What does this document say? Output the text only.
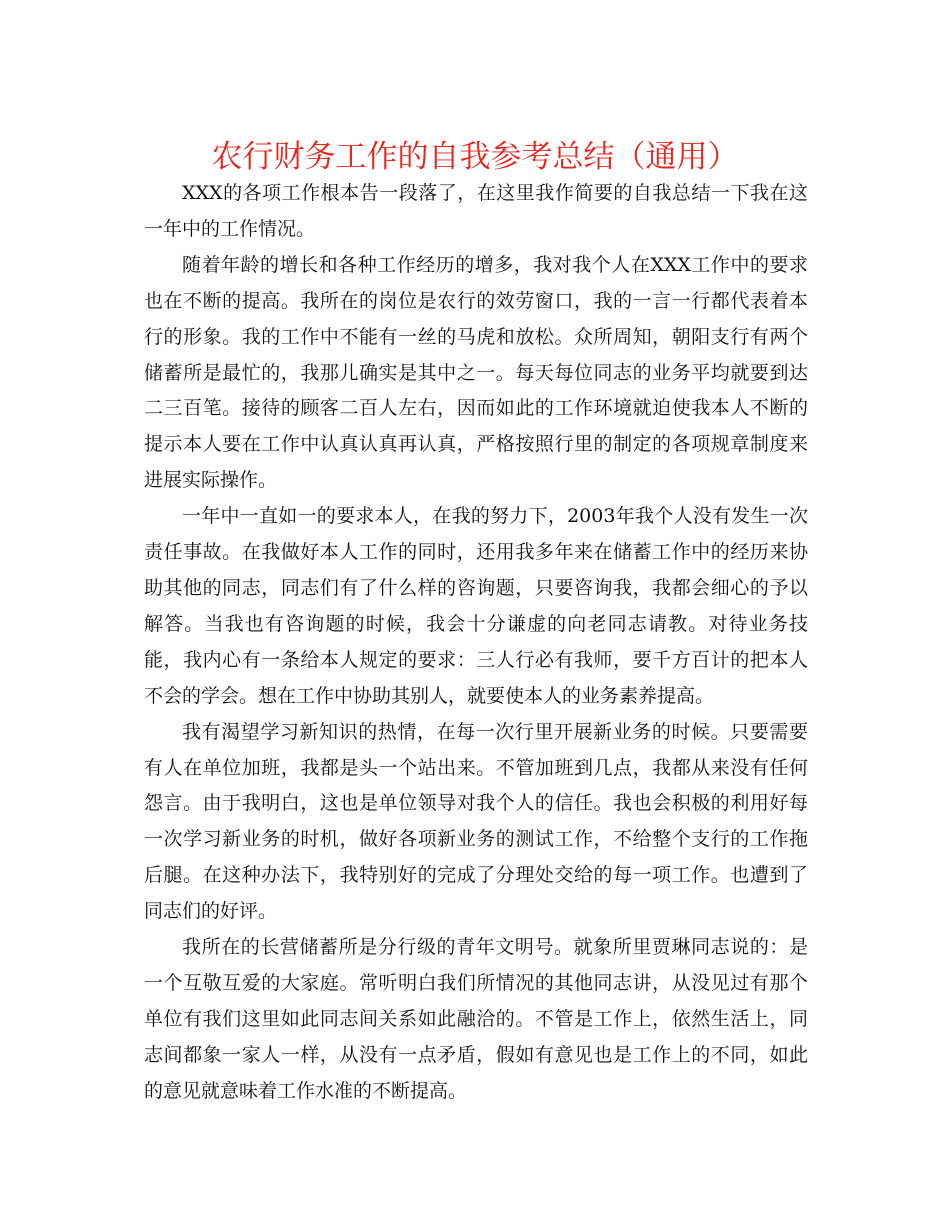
农行财务工作的自我参考总结（通用）

XXX的各项工作根本告一段落了，在这里我作简要的自我总结一下我在这一年中的工作情况。

随着年龄的增长和各种工作经历的增多，我对我个人在XXX工作中的要求也在不断的提高。我所在的岗位是农行的效劳窗口，我的一言一行都代表着本行的形象。我的工作中不能有一丝的马虎和放松。众所周知，朝阳支行有两个储蓄所是最忙的，我那儿确实是其中之一。每天每位同志的业务平均就要到达二三百笔。接待的顾客二百人左右，因而如此的工作环境就迫使我本人不断的提示本人要在工作中认真认真再认真，严格按照行里的制定的各项规章制度来进展实际操作。

一年中一直如一的要求本人，在我的努力下，2003年我个人没有发生一次责任事故。在我做好本人工作的同时，还用我多年来在储蓄工作中的经历来协助其他的同志，同志们有了什么样的咨询题，只要咨询我，我都会细心的予以解答。当我也有咨询题的时候，我会十分谦虚的向老同志请教。对待业务技能，我内心有一条给本人规定的要求：三人行必有我师，要千方百计的把本人不会的学会。想在工作中协助其别人，就要使本人的业务素养提高。

我有渴望学习新知识的热情，在每一次行里开展新业务的时候。只要需要有人在单位加班，我都是头一个站出来。不管加班到几点，我都从来没有任何怨言。由于我明白，这也是单位领导对我个人的信任。我也会积极的利用好每一次学习新业务的时机，做好各项新业务的测试工作，不给整个支行的工作拖后腿。在这种办法下，我特别好的完成了分理处交给的每一项工作。也遭到了同志们的好评。

我所在的长营储蓄所是分行级的青年文明号。就象所里贾琳同志说的：是一个互敬互爱的大家庭。常听明白我们所情况的其他同志讲，从没见过有那个单位有我们这里如此同志间关系如此融洽的。不管是工作上，依然生活上，同志间都象一家人一样，从没有一点矛盾，假如有意见也是工作上的不同，如此的意见就意味着工作水准的不断提高。
